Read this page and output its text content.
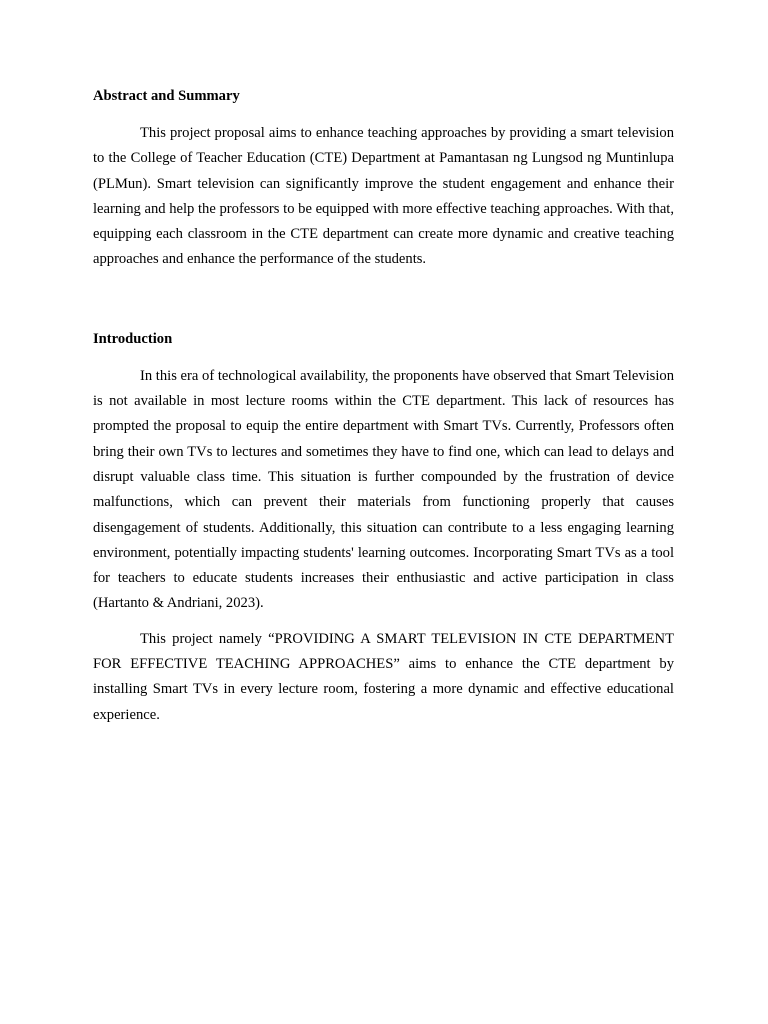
Abstract and Summary

This project proposal aims to enhance teaching approaches by providing a smart television to the College of Teacher Education (CTE) Department at Pamantasan ng Lungsod ng Muntinlupa (PLMun). Smart television can significantly improve the student engagement and enhance their learning and help the professors to be equipped with more effective teaching approaches. With that, equipping each classroom in the CTE department can create more dynamic and creative teaching approaches and enhance the performance of the students.

Introduction

In this era of technological availability, the proponents have observed that Smart Television is not available in most lecture rooms within the CTE department. This lack of resources has prompted the proposal to equip the entire department with Smart TVs. Currently, Professors often bring their own TVs to lectures and sometimes they have to find one, which can lead to delays and disrupt valuable class time. This situation is further compounded by the frustration of device malfunctions, which can prevent their materials from functioning properly that causes disengagement of students. Additionally, this situation can contribute to a less engaging learning environment, potentially impacting students' learning outcomes. Incorporating Smart TVs as a tool for teachers to educate students increases their enthusiastic and active participation in class (Hartanto & Andriani, 2023).

This project namely “PROVIDING A SMART TELEVISION IN CTE DEPARTMENT FOR EFFECTIVE TEACHING APPROACHES” aims to enhance the CTE department by installing Smart TVs in every lecture room, fostering a more dynamic and effective educational experience.
